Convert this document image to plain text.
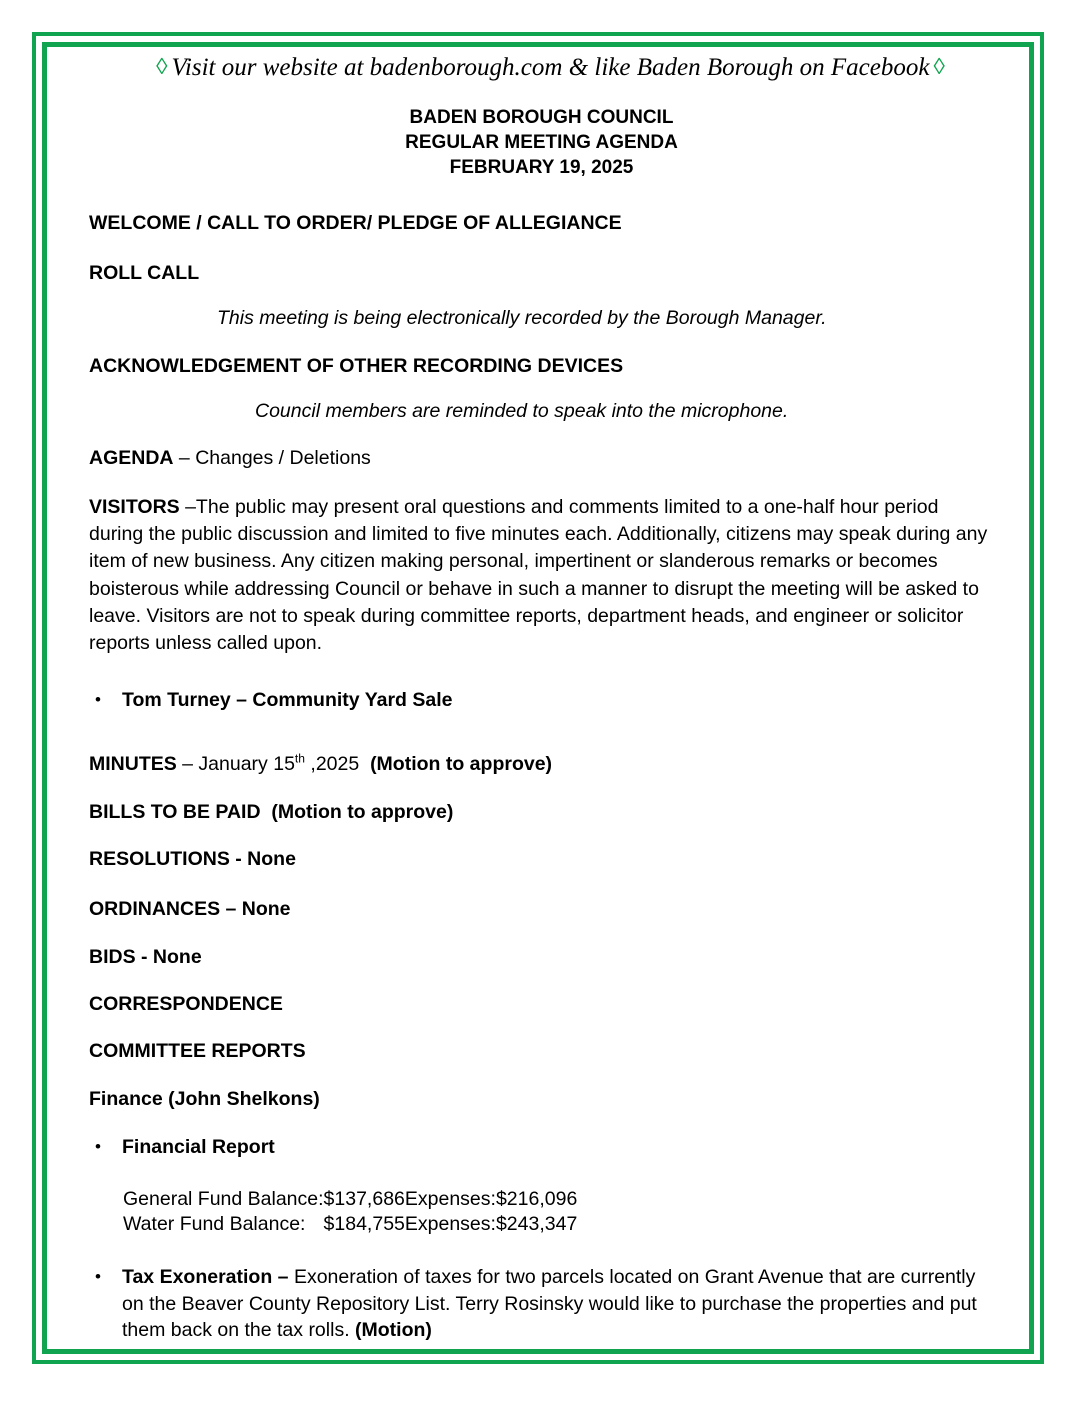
◊ Visit our website at badenborough.com & like Baden Borough on Facebook ◊
BADEN BOROUGH COUNCIL
REGULAR MEETING AGENDA
FEBRUARY 19, 2025
WELCOME / CALL TO ORDER/ PLEDGE OF ALLEGIANCE
ROLL CALL
This meeting is being electronically recorded by the Borough Manager.
ACKNOWLEDGEMENT OF OTHER RECORDING DEVICES
Council members are reminded to speak into the microphone.
AGENDA – Changes / Deletions
VISITORS –The public may present oral questions and comments limited to a one-half hour period during the public discussion and limited to five minutes each. Additionally, citizens may speak during any item of new business. Any citizen making personal, impertinent or slanderous remarks or becomes boisterous while addressing Council or behave in such a manner to disrupt the meeting will be asked to leave. Visitors are not to speak during committee reports, department heads, and engineer or solicitor reports unless called upon.
•	Tom Turney – Community Yard Sale
MINUTES – January 15th ,2025 (Motion to approve)
BILLS TO BE PAID (Motion to approve)
RESOLUTIONS - None
ORDINANCES – None
BIDS - None
CORRESPONDENCE
COMMITTEE REPORTS
Finance (John Shelkons)
•	Financial Report
General Fund Balance:	$137,686	Expenses:	$216,096
Water Fund Balance:	$184,755	Expenses:	$243,347
•	Tax Exoneration – Exoneration of taxes for two parcels located on Grant Avenue that are currently on the Beaver County Repository List. Terry Rosinsky would like to purchase the properties and put them back on the tax rolls. (Motion)
